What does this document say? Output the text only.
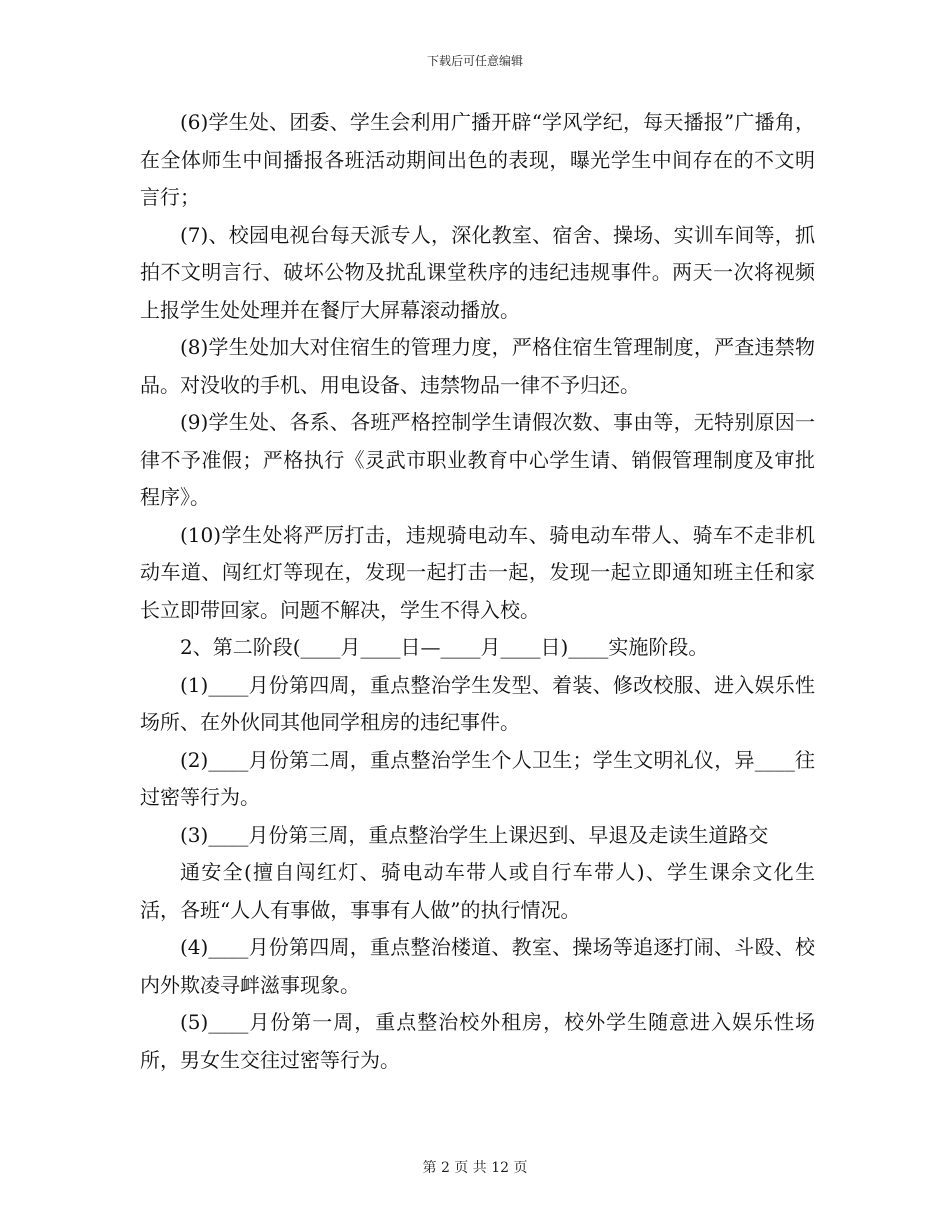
下载后可任意编辑

(6)学生处、团委、学生会利用广播开辟“学风学纪，每天播报”广播角，在全体师生中间播报各班活动期间出色的表现，曝光学生中间存在的不文明言行；

(7)、校园电视台每天派专人，深化教室、宿舍、操场、实训车间等，抓拍不文明言行、破坏公物及扰乱课堂秩序的违纪违规事件。两天一次将视频上报学生处处理并在餐厅大屏幕滚动播放。

(8)学生处加大对住宿生的管理力度，严格住宿生管理制度，严查违禁物品。对没收的手机、用电设备、违禁物品一律不予归还。

(9)学生处、各系、各班严格控制学生请假次数、事由等，无特别原因一律不予准假；严格执行《灵武市职业教育中心学生请、销假管理制度及审批程序》。

(10)学生处将严厉打击，违规骑电动车、骑电动车带人、骑车不走非机动车道、闯红灯等现在，发现一起打击一起，发现一起立即通知班主任和家长立即带回家。问题不解决，学生不得入校。

2、第二阶段(____月____日—____月____日)____实施阶段。

(1)____月份第四周，重点整治学生发型、着装、修改校服、进入娱乐性场所、在外伙同其他同学租房的违纪事件。

(2)____月份第二周，重点整治学生个人卫生；学生文明礼仪，异____往过密等行为。

(3)____月份第三周，重点整治学生上课迟到、早退及走读生道路交

通安全(擅自闯红灯、骑电动车带人或自行车带人)、学生课余文化生活，各班“人人有事做，事事有人做”的执行情况。

(4)____月份第四周，重点整治楼道、教室、操场等追逐打闹、斗殴、校内外欺凌寻衅滋事现象。

(5)____月份第一周，重点整治校外租房，校外学生随意进入娱乐性场所，男女生交往过密等行为。

第 2 页 共 12 页
